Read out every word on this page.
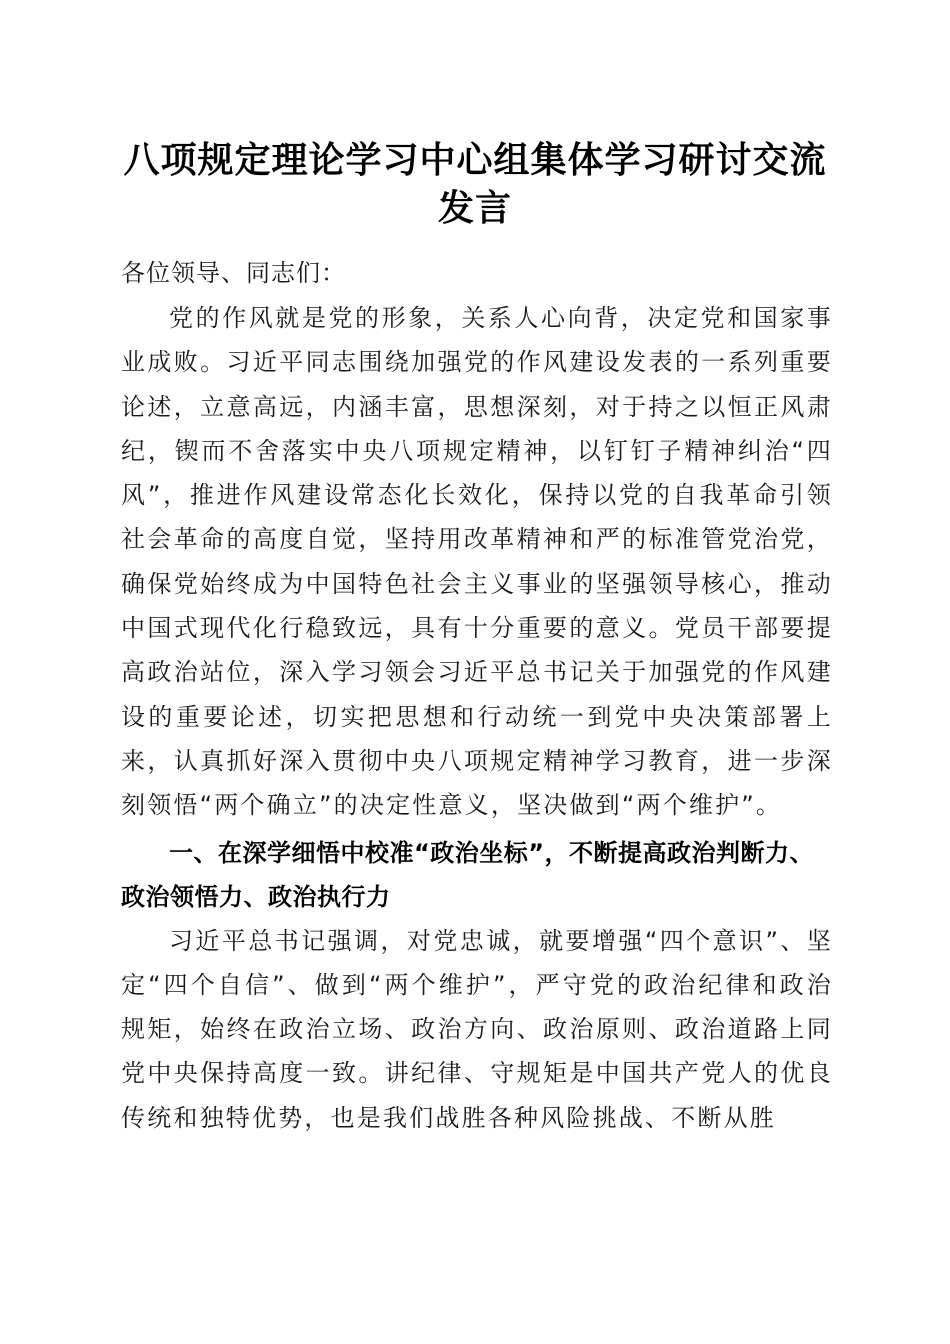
八项规定理论学习中心组集体学习研讨交流发言

各位领导、同志们：

党的作风就是党的形象，关系人心向背，决定党和国家事业成败。习近平同志围绕加强党的作风建设发表的一系列重要论述，立意高远，内涵丰富，思想深刻，对于持之以恒正风肃纪，锲而不舍落实中央八项规定精神，以钉钉子精神纠治“四风”，推进作风建设常态化长效化，保持以党的自我革命引领社会革命的高度自觉，坚持用改革精神和严的标准管党治党，确保党始终成为中国特色社会主义事业的坚强领导核心，推动中国式现代化行稳致远，具有十分重要的意义。党员干部要提高政治站位，深入学习领会习近平总书记关于加强党的作风建设的重要论述，切实把思想和行动统一到党中央决策部署上来，认真抓好深入贯彻中央八项规定精神学习教育，进一步深刻领悟“两个确立”的决定性意义，坚决做到“两个维护”。

一、在深学细悟中校准“政治坐标”，不断提高政治判断力、政治领悟力、政治执行力

习近平总书记强调，对党忠诚，就要增强“四个意识”、坚定“四个自信”、做到“两个维护”，严守党的政治纪律和政治规矩，始终在政治立场、政治方向、政治原则、政治道路上同党中央保持高度一致。讲纪律、守规矩是中国共产党人的优良传统和独特优势，也是我们战胜各种风险挑战、不断从胜
